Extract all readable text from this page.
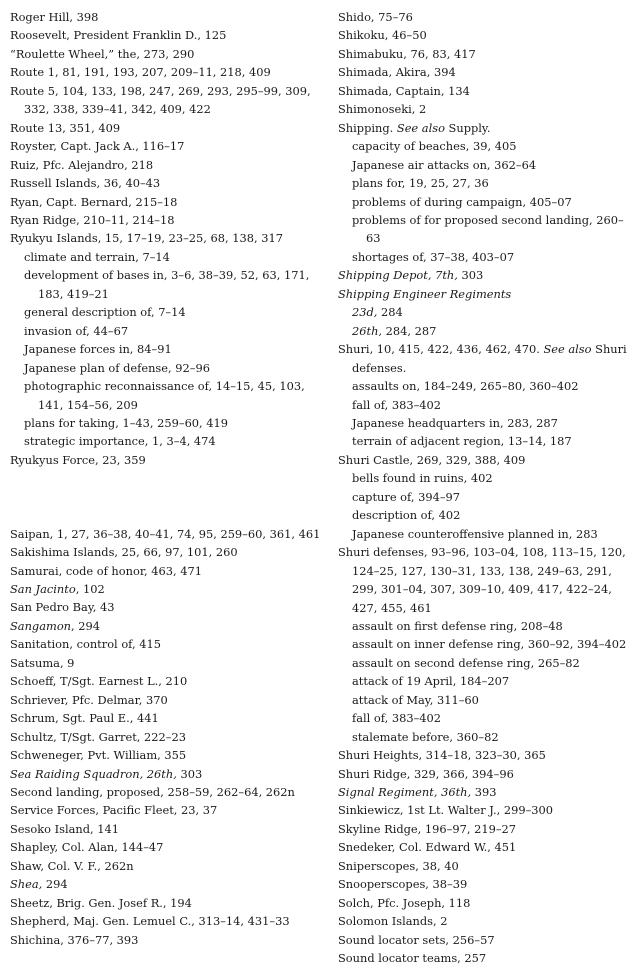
Roger Hill, 398
Roosevelt, President Franklin D., 125
“Roulette Wheel,” the, 273, 290
Route 1, 81, 191, 193, 207, 209–11, 218, 409
Route 5, 104, 133, 198, 247, 269, 293, 295–99, 309, 332, 338, 339–41, 342, 409, 422
Route 13, 351, 409
Royster, Capt. Jack A., 116–17
Ruiz, Pfc. Alejandro, 218
Russell Islands, 36, 40–43
Ryan, Capt. Bernard, 215–18
Ryan Ridge, 210–11, 214–18
Ryukyu Islands, 15, 17–19, 23–25, 68, 138, 317
climate and terrain, 7–14
development of bases in, 3–6, 38–39, 52, 63, 171, 183, 419–21
general description of, 7–14
invasion of, 44–67
Japanese forces in, 84–91
Japanese plan of defense, 92–96
photographic reconnaissance of, 14–15, 45, 103, 141, 154–56, 209
plans for taking, 1–43, 259–60, 419
strategic importance, 1, 3–4, 474
Ryukyus Force, 23, 359
Saipan, 1, 27, 36–38, 40–41, 74, 95, 259–60, 361, 461
Sakishima Islands, 25, 66, 97, 101, 260
Samurai, code of honor, 463, 471
San Jacinto, 102
San Pedro Bay, 43
Sangamon, 294
Sanitation, control of, 415
Satsuma, 9
Schoeff, T/Sgt. Earnest L., 210
Schriever, Pfc. Delmar, 370
Schrum, Sgt. Paul E., 441
Schultz, T/Sgt. Garret, 222–23
Schweneger, Pvt. William, 355
Sea Raiding Squadron, 26th, 303
Second landing, proposed, 258–59, 262–64, 262n
Service Forces, Pacific Fleet, 23, 37
Sesoko Island, 141
Shapley, Col. Alan, 144–47
Shaw, Col. V. F., 262n
Shea, 294
Sheetz, Brig. Gen. Josef R., 194
Shepherd, Maj. Gen. Lemuel C., 313–14, 431–33
Shichina, 376–77, 393
Shido, 75–76
Shikoku, 46–50
Shimabuku, 76, 83, 417
Shimada, Akira, 394
Shimada, Captain, 134
Shimonoseki, 2
Shipping. See also Supply.
capacity of beaches, 39, 405
Japanese air attacks on, 362–64
plans for, 19, 25, 27, 36
problems of during campaign, 405–07
problems of for proposed second landing, 260–63
shortages of, 37–38, 403–07
Shipping Depot, 7th, 303
Shipping Engineer Regiments
23d, 284
26th, 284, 287
Shuri, 10, 415, 422, 436, 462, 470. See also Shuri defenses.
assaults on, 184–249, 265–80, 360–402
fall of, 383–402
Japanese headquarters in, 283, 287
terrain of adjacent region, 13–14, 187
Shuri Castle, 269, 329, 388, 409
bells found in ruins, 402
capture of, 394–97
description of, 402
Japanese counteroffensive planned in, 283
Shuri defenses, 93–96, 103–04, 108, 113–15, 120, 124–25, 127, 130–31, 133, 138, 249–63, 291, 299, 301–04, 307, 309–10, 409, 417, 422–24, 427, 455, 461
assault on first defense ring, 208–48
assault on inner defense ring, 360–92, 394–402
assault on second defense ring, 265–82
attack of 19 April, 184–207
attack of May, 311–60
fall of, 383–402
stalemate before, 360–82
Shuri Heights, 314–18, 323–30, 365
Shuri Ridge, 329, 366, 394–96
Signal Regiment, 36th, 393
Sinkiewicz, 1st Lt. Walter J., 299–300
Skyline Ridge, 196–97, 219–27
Snedeker, Col. Edward W., 451
Sniperscopes, 38, 40
Snooperscopes, 38–39
Solch, Pfc. Joseph, 118
Solomon Islands, 2
Sound locator sets, 256–57
Sound locator teams, 257
